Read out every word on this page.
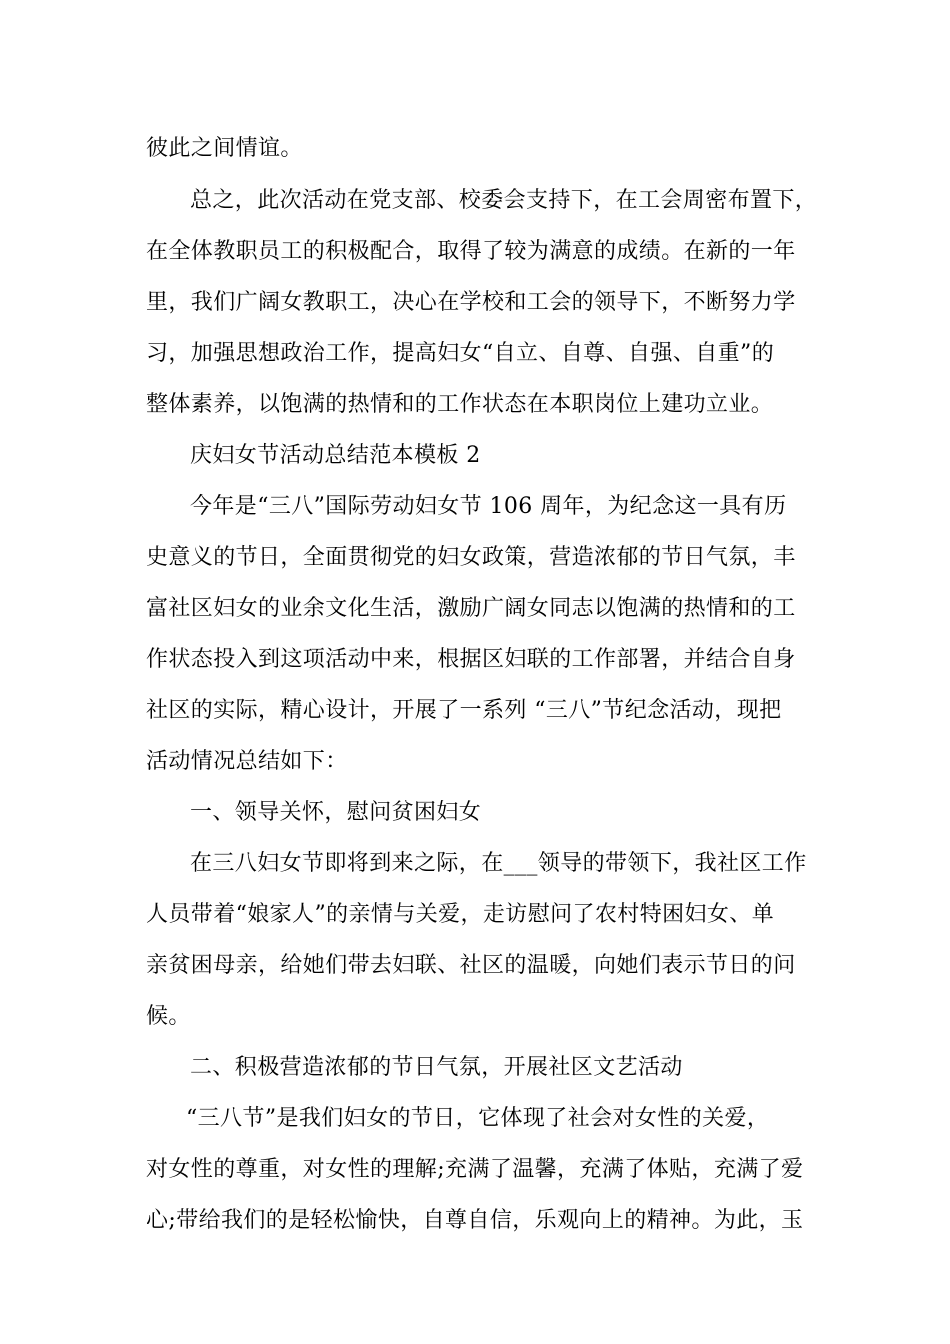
彼此之间情谊。

总之，此次活动在党支部、校委会支持下，在工会周密布置下，

在全体教职员工的积极配合，取得了较为满意的成绩。在新的一年

里，我们广阔女教职工，决心在学校和工会的领导下，不断努力学

习，加强思想政治工作，提高妇女“自立、自尊、自强、自重”的

整体素养，以饱满的热情和的工作状态在本职岗位上建功立业。

庆妇女节活动总结范本模板 2

今年是“三八”国际劳动妇女节 106 周年，为纪念这一具有历

史意义的节日，全面贯彻党的妇女政策，营造浓郁的节日气氛，丰

富社区妇女的业余文化生活，激励广阔女同志以饱满的热情和的工

作状态投入到这项活动中来，根据区妇联的工作部署，并结合自身

社区的实际，精心设计，开展了一系列 “三八”节纪念活动，现把

活动情况总结如下：

一、领导关怀，慰问贫困妇女

在三八妇女节即将到来之际，在___领导的带领下，我社区工作

人员带着“娘家人”的亲情与关爱，走访慰问了农村特困妇女、单

亲贫困母亲，给她们带去妇联、社区的温暖，向她们表示节日的问

候。

二、积极营造浓郁的节日气氛，开展社区文艺活动

“三八节”是我们妇女的节日，它体现了社会对女性的关爱，

对女性的尊重，对女性的理解;充满了温馨，充满了体贴，充满了爱

心;带给我们的是轻松愉快，自尊自信，乐观向上的精神。为此，玉
